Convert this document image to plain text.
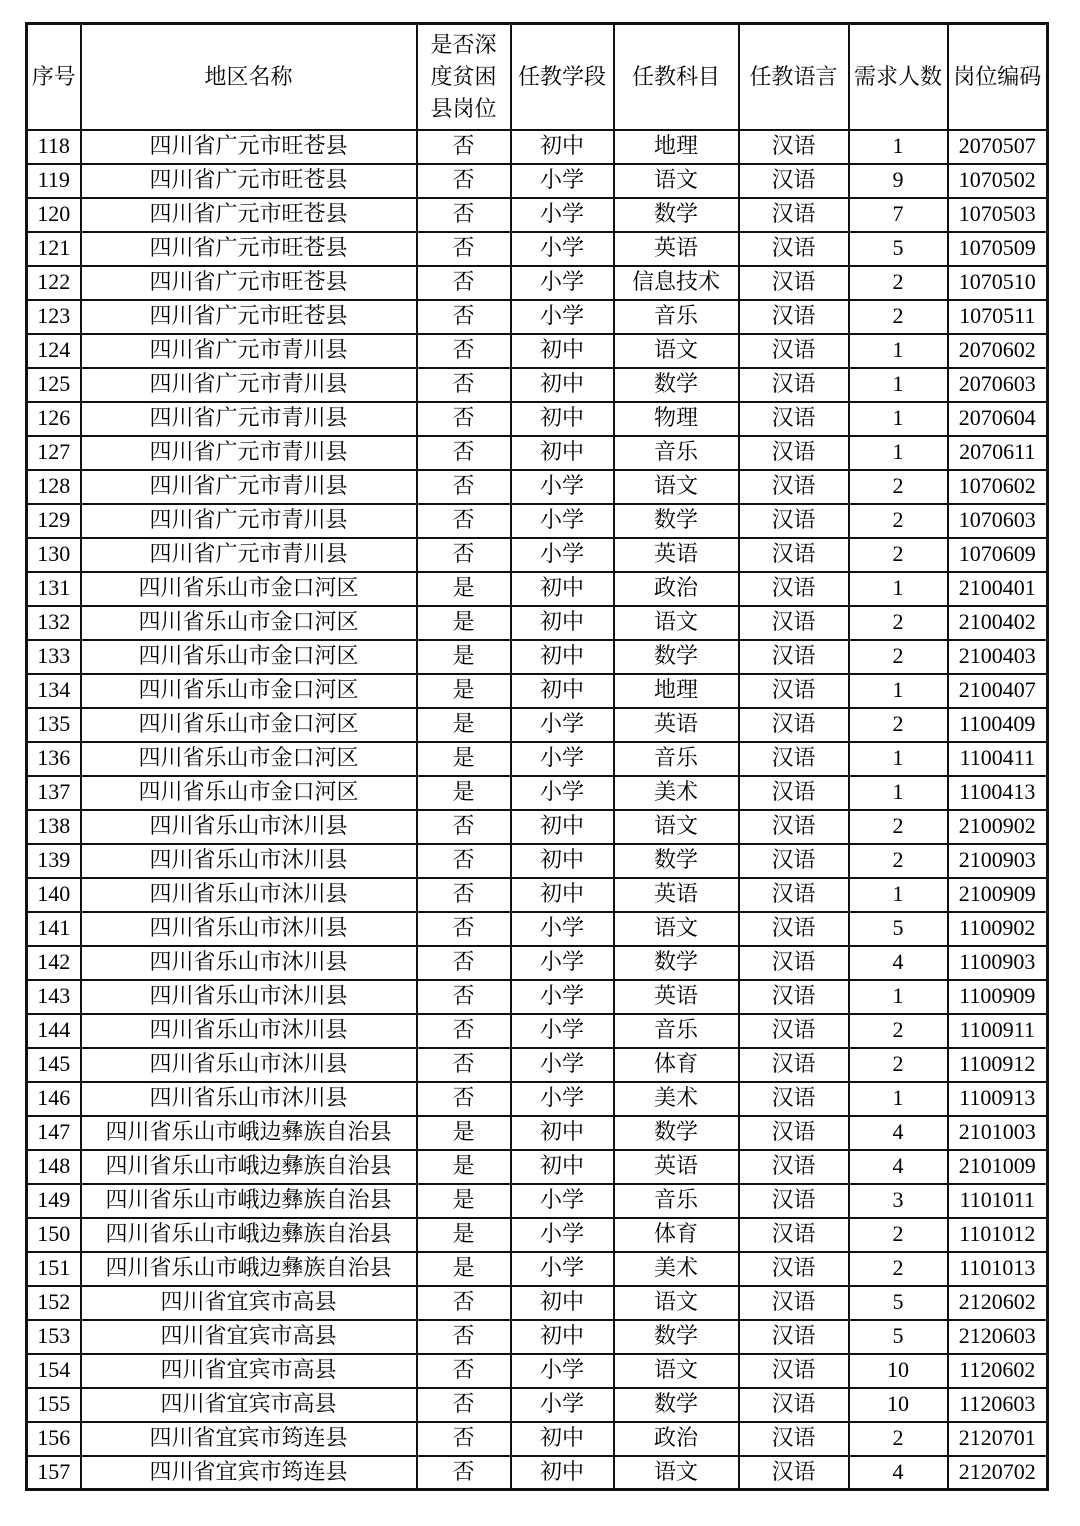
序号	地区名称	是否深度贫困县岗位	任教学段	任教科目	任教语言	需求人数	岗位编码
118	四川省广元市旺苍县	否	初中	地理	汉语	1	2070507
119	四川省广元市旺苍县	否	小学	语文	汉语	9	1070502
120	四川省广元市旺苍县	否	小学	数学	汉语	7	1070503
121	四川省广元市旺苍县	否	小学	英语	汉语	5	1070509
122	四川省广元市旺苍县	否	小学	信息技术	汉语	2	1070510
123	四川省广元市旺苍县	否	小学	音乐	汉语	2	1070511
124	四川省广元市青川县	否	初中	语文	汉语	1	2070602
125	四川省广元市青川县	否	初中	数学	汉语	1	2070603
126	四川省广元市青川县	否	初中	物理	汉语	1	2070604
127	四川省广元市青川县	否	初中	音乐	汉语	1	2070611
128	四川省广元市青川县	否	小学	语文	汉语	2	1070602
129	四川省广元市青川县	否	小学	数学	汉语	2	1070603
130	四川省广元市青川县	否	小学	英语	汉语	2	1070609
131	四川省乐山市金口河区	是	初中	政治	汉语	1	2100401
132	四川省乐山市金口河区	是	初中	语文	汉语	2	2100402
133	四川省乐山市金口河区	是	初中	数学	汉语	2	2100403
134	四川省乐山市金口河区	是	初中	地理	汉语	1	2100407
135	四川省乐山市金口河区	是	小学	英语	汉语	2	1100409
136	四川省乐山市金口河区	是	小学	音乐	汉语	1	1100411
137	四川省乐山市金口河区	是	小学	美术	汉语	1	1100413
138	四川省乐山市沐川县	否	初中	语文	汉语	2	2100902
139	四川省乐山市沐川县	否	初中	数学	汉语	2	2100903
140	四川省乐山市沐川县	否	初中	英语	汉语	1	2100909
141	四川省乐山市沐川县	否	小学	语文	汉语	5	1100902
142	四川省乐山市沐川县	否	小学	数学	汉语	4	1100903
143	四川省乐山市沐川县	否	小学	英语	汉语	1	1100909
144	四川省乐山市沐川县	否	小学	音乐	汉语	2	1100911
145	四川省乐山市沐川县	否	小学	体育	汉语	2	1100912
146	四川省乐山市沐川县	否	小学	美术	汉语	1	1100913
147	四川省乐山市峨边彝族自治县	是	初中	数学	汉语	4	2101003
148	四川省乐山市峨边彝族自治县	是	初中	英语	汉语	4	2101009
149	四川省乐山市峨边彝族自治县	是	小学	音乐	汉语	3	1101011
150	四川省乐山市峨边彝族自治县	是	小学	体育	汉语	2	1101012
151	四川省乐山市峨边彝族自治县	是	小学	美术	汉语	2	1101013
152	四川省宜宾市高县	否	初中	语文	汉语	5	2120602
153	四川省宜宾市高县	否	初中	数学	汉语	5	2120603
154	四川省宜宾市高县	否	小学	语文	汉语	10	1120602
155	四川省宜宾市高县	否	小学	数学	汉语	10	1120603
156	四川省宜宾市筠连县	否	初中	政治	汉语	2	2120701
157	四川省宜宾市筠连县	否	初中	语文	汉语	4	2120702
